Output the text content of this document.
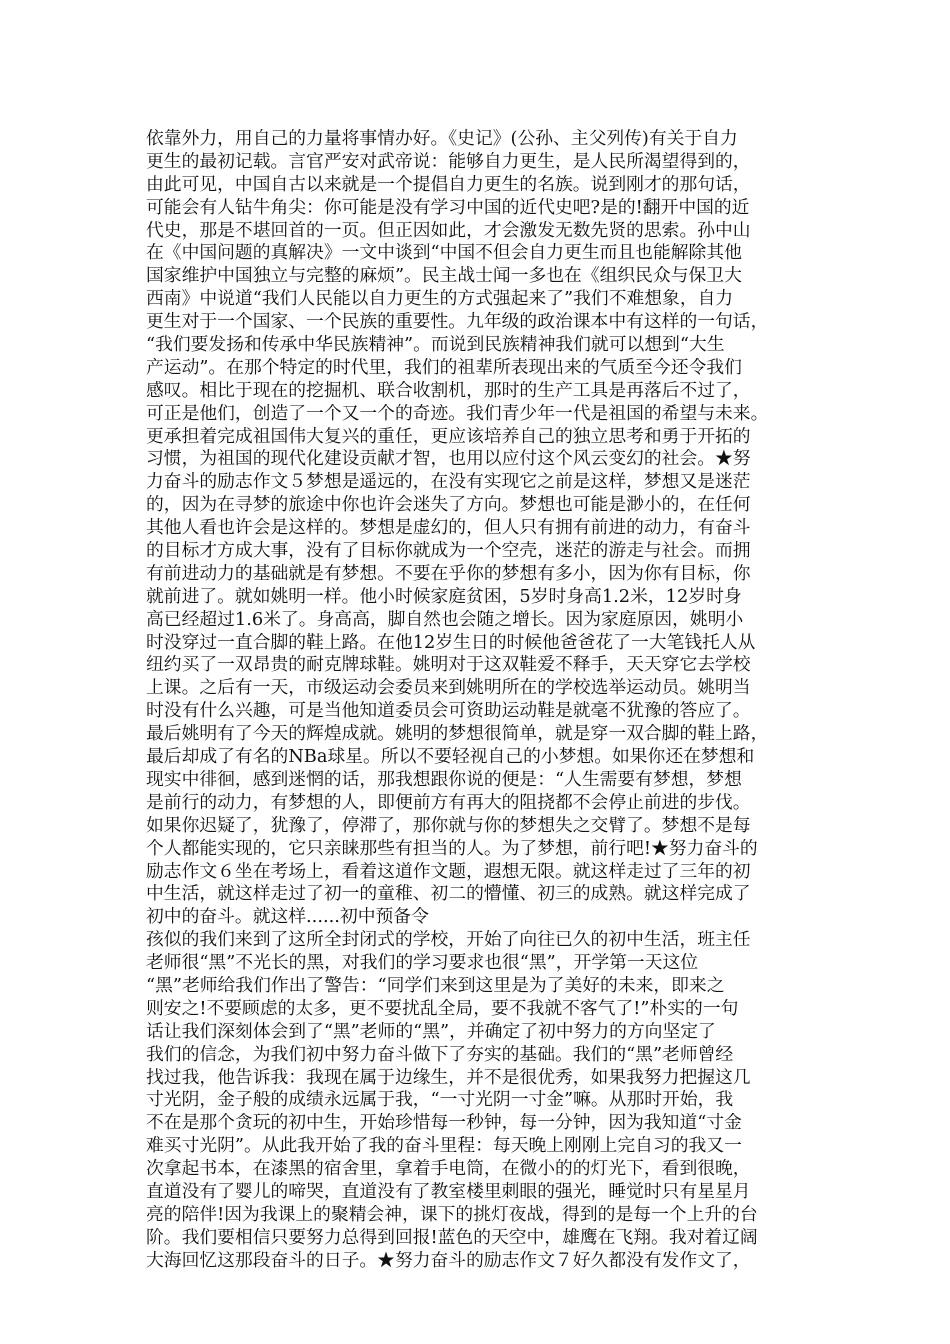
依靠外力，用自己的力量将事情办好。《史记》(公孙、主父列传)有关于自力
更生的最初记载。言官严安对武帝说：能够自力更生，是人民所渴望得到的，
由此可见，中国自古以来就是一个提倡自力更生的名族。说到刚才的那句话，
可能会有人钻牛角尖：你可能是没有学习中国的近代史吧?是的!翻开中国的近
代史，那是不堪回首的一页。但正因如此，才会激发无数先贤的思索。孙中山
在《中国问题的真解决》一文中谈到“中国不但会自力更生而且也能解除其他
国家维护中国独立与完整的麻烦”。民主战士闻一多也在《组织民众与保卫大
西南》中说道“我们人民能以自力更生的方式强起来了”我们不难想象，自力
更生对于一个国家、一个民族的重要性。九年级的政治课本中有这样的一句话，
“我们要发扬和传承中华民族精神”。而说到民族精神我们就可以想到“大生
产运动”。在那个特定的时代里，我们的祖辈所表现出来的气质至今还令我们
感叹。相比于现在的挖掘机、联合收割机，那时的生产工具是再落后不过了，
可正是他们，创造了一个又一个的奇迹。我们青少年一代是祖国的希望与未来。
更承担着完成祖国伟大复兴的重任，更应该培养自己的独立思考和勇于开拓的
习惯，为祖国的现代化建设贡献才智，也用以应付这个风云变幻的社会。★努
力奋斗的励志作文５梦想是遥远的，在没有实现它之前是这样，梦想又是迷茫
的，因为在寻梦的旅途中你也许会迷失了方向。梦想也可能是渺小的，在任何
其他人看也许会是这样的。梦想是虚幻的，但人只有拥有前进的动力，有奋斗
的目标才方成大事，没有了目标你就成为一个空壳，迷茫的游走与社会。而拥
有前进动力的基础就是有梦想。不要在乎你的梦想有多小，因为你有目标，你
就前进了。就如姚明一样。他小时候家庭贫困，5岁时身高1.2米，12岁时身
高已经超过1.6米了。身高高，脚自然也会随之增长。因为家庭原因，姚明小
时没穿过一直合脚的鞋上路。在他12岁生日的时候他爸爸花了一大笔钱托人从
纽约买了一双昂贵的耐克牌球鞋。姚明对于这双鞋爱不释手，天天穿它去学校
上课。之后有一天，市级运动会委员来到姚明所在的学校选举运动员。姚明当
时没有什么兴趣，可是当他知道委员会可资助运动鞋是就毫不犹豫的答应了。
最后姚明有了今天的辉煌成就。姚明的梦想很简单，就是穿一双合脚的鞋上路，
最后却成了有名的NBa球星。所以不要轻视自己的小梦想。如果你还在梦想和
现实中徘徊，感到迷惘的话，那我想跟你说的便是：“人生需要有梦想，梦想
是前行的动力，有梦想的人，即便前方有再大的阻挠都不会停止前进的步伐。
如果你迟疑了，犹豫了，停滞了，那你就与你的梦想失之交臂了。梦想不是每
个人都能实现的，它只亲睐那些有担当的人。为了梦想，前行吧!★努力奋斗的
励志作文６坐在考场上，看着这道作文题，遐想无限。就这样走过了三年的初
中生活，就这样走过了初一的童稚、初二的懵懂、初三的成熟。就这样完成了
初中的奋斗。就这样......初中预备令
孩似的我们来到了这所全封闭式的学校，开始了向往已久的初中生活，班主任
老师很“黑”不光长的黑，对我们的学习要求也很“黑”，开学第一天这位
“黑”老师给我们作出了警告：“同学们来到这里是为了美好的未来，即来之
则安之!不要顾虑的太多，更不要扰乱全局，要不我就不客气了!”朴实的一句
话让我们深刻体会到了“黑”老师的“黑”，并确定了初中努力的方向坚定了
我们的信念，为我们初中努力奋斗做下了夯实的基础。我们的“黑”老师曾经
找过我，他告诉我：我现在属于边缘生，并不是很优秀，如果我努力把握这几
寸光阴，金子般的成绩永远属于我，“一寸光阴一寸金”嘛。从那时开始，我
不在是那个贪玩的初中生，开始珍惜每一秒钟，每一分钟，因为我知道“寸金
难买寸光阴”。从此我开始了我的奋斗里程：每天晚上刚刚上完自习的我又一
次拿起书本，在漆黑的宿舍里，拿着手电筒，在微小的的灯光下，看到很晚，
直道没有了婴儿的啼哭，直道没有了教室楼里刺眼的强光，睡觉时只有星星月
亮的陪伴!因为我课上的聚精会神，课下的挑灯夜战，得到的是每一个上升的台
阶。我们要相信只要努力总得到回报!蓝色的天空中，雄鹰在飞翔。我对着辽阔
大海回忆这那段奋斗的日子。★努力奋斗的励志作文７好久都没有发作文了，
